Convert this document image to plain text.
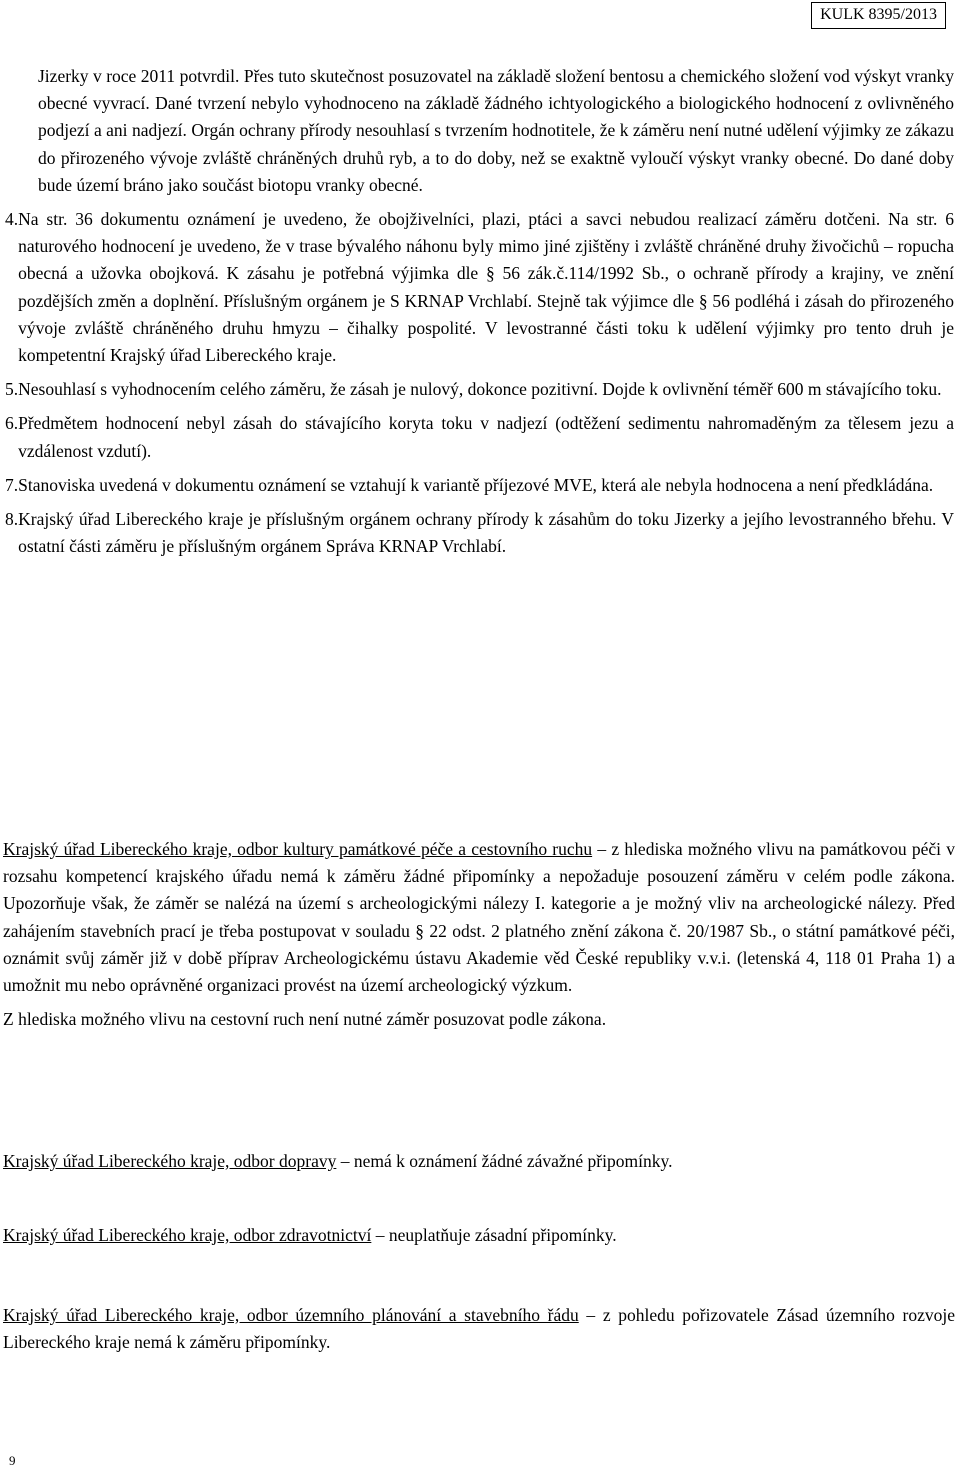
KULK 8395/2013

Jizerky v roce 2011 potvrdil. Přes tuto skutečnost posuzovatel na základě složení bentosu a chemického složení vod výskyt vranky obecné vyvrací. Dané tvrzení nebylo vyhodnoceno na základě žádného ichtyologického a biologického hodnocení z ovlivněného podjezí a ani nadjezí. Orgán ochrany přírody nesouhlasí s tvrzením hodnotitele, že k záměru není nutné udělení výjimky ze zákazu do přirozeného vývoje zvláště chráněných druhů ryb, a to do doby, než se exaktně vyloučí výskyt vranky obecné. Do dané doby bude území bráno jako součást biotopu vranky obecné.

4. Na str. 36 dokumentu oznámení je uvedeno, že obojživelníci, plazi, ptáci a savci nebudou realizací záměru dotčeni. Na str. 6 naturového hodnocení je uvedeno, že v trase bývalého náhonu byly mimo jiné zjištěny i zvláště chráněné druhy živočichů – ropucha obecná a užovka obojková. K zásahu je potřebná výjimka dle § 56 zák.č.114/1992 Sb., o ochraně přírody a krajiny, ve znění pozdějších změn a doplnění. Příslušným orgánem je S KRNAP Vrchlabí. Stejně tak výjimce dle § 56 podléhá i zásah do přirozeného vývoje zvláště chráněného druhu hmyzu – čihalky pospolité. V levostranné části toku k udělení výjimky pro tento druh je kompetentní Krajský úřad Libereckého kraje.

5. Nesouhlasí s vyhodnocením celého záměru, že zásah je nulový, dokonce pozitivní. Dojde k ovlivnění téměř 600 m stávajícího toku.

6. Předmětem hodnocení nebyl zásah do stávajícího koryta toku v nadjezí (odtěžení sedimentu nahromaděným za tělesem jezu a vzdálenost vzdutí).

7. Stanoviska uvedená v dokumentu oznámení se vztahují k variantě příjezové MVE, která ale nebyla hodnocena a není předkládána.

8. Krajský úřad Libereckého kraje je příslušným orgánem ochrany přírody k zásahům do toku Jizerky a jejího levostranného břehu. V ostatní části záměru je příslušným orgánem Správa KRNAP Vrchlabí.

Krajský úřad Libereckého kraje, odbor kultury památkové péče a cestovního ruchu – z hlediska možného vlivu na památkovou péči v rozsahu kompetencí krajského úřadu nemá k záměru žádné připomínky a nepožaduje posouzení záměru v celém podle zákona. Upozorňuje však, že záměr se nalézá na území s archeologickými nálezy I. kategorie a je možný vliv na archeologické nálezy. Před zahájením stavebních prací je třeba postupovat v souladu § 22 odst. 2 platného znění zákona č. 20/1987 Sb., o státní památkové péči, oznámit svůj záměr již v době příprav Archeologickému ústavu Akademie věd České republiky v.v.i. (letenská 4, 118 01 Praha 1) a umožnit mu nebo oprávněné organizaci provést na území archeologický výzkum.

Z hlediska možného vlivu na cestovní ruch není nutné záměr posuzovat podle zákona.

Krajský úřad Libereckého kraje, odbor dopravy – nemá k oznámení žádné závažné připomínky.

Krajský úřad Libereckého kraje, odbor zdravotnictví – neuplatňuje zásadní připomínky.

Krajský úřad Libereckého kraje, odbor územního plánování a stavebního řádu – z pohledu pořizovatele Zásad územního rozvoje Libereckého kraje nemá k záměru připomínky.

9
